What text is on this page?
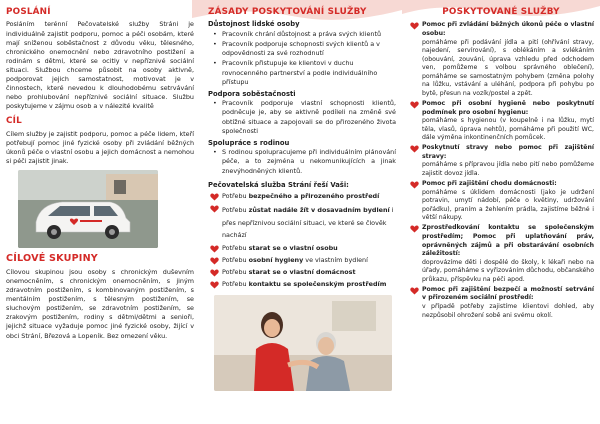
POSLÁNÍ

Posláním terénní Pečovatelské služby Stráni je individuálně zajistit podporu, pomoc a péči osobám, které mají sníženou soběstačnost z důvodu věku, tělesného, chronického onemocnění nebo zdravotního postižení a rodinám s dětmi, které se ocitly v nepříznivé sociální situaci. Službou chceme působit na osoby aktivně, podporovat jejich samostatnost, motivovat je v činnostech, které nevedou k dlouhodobému setrvávání nebo prohlubování nepříznivé sociální situace. Službu poskytujeme v zájmu osob a v nálezité kvalitě

CÍL

Cílem služby je zajistit podporu, pomoc a péče lidem, kteří potřebují pomoc jiné fyzické osoby při zvládání běžných úkonů péče o vlastní osobu a jejich domácnost a nemohou si péči zajistit jinak.

CÍLOVÉ SKUPINY

Cílovou skupinou jsou osoby s chronickým duševním onemocněním, s chronickým onemocněním, s jiným zdravotním postižením, s kombinovaným postižením, s mentálním postižením, s tělesným postižením, se sluchovým postižením, se zdravotním postižením, se zrakovým postižením, rodiny s dětmi/dětmi a senioři, jejichž situace vyžaduje pomoc jiné fyzické osoby, žijící v obci Strání, Březová a Lopeník. Bez omezení věku.

ZÁSADY POSKYTOVÁNÍ SLUŽBY
Důstojnost lidské osoby
• Pracovník chrání důstojnost a práva svých klientů
• Pracovník podporuje schopnosti svých klientů a v odpovědnosti za své rozhodnutí
• Pracovník přistupuje ke klientovi v duchu rovnocenného partnerství a podle individuálního přístupu
Podpora soběstačnosti
• Pracovník podporuje vlastní schopnosti klientů, podněcuje je, aby se aktivně podíleli na změně své obtížné situace a zapojovali se do přirozeného života společnosti
Spolupráce s rodinou
• S rodinou spolupracujeme při individuálním plánování péče, a to zejména u nekomunikujících a jinak znevýhodněných klientů.
Pečovatelská služba Strání řeší Vaši:
Potřebu bezpečného a přirozeného prostředí
Potřebu zůstat nadále žít v dosavadním bydlení i přes nepříznivou sociální situaci, ve které se člověk nachází
Potřebu starat se o vlastní osobu
Potřebu osobní hygieny ve vlastním bydlení
Potřebu starat se o vlastní domácnost
Potřebu kontaktu se společenským prostředím
POSKYTOVANÉ SLUŽBY
Pomoc při zvládání běžných úkonů péče o vlastní osobu:
pomáháme při podávání jídla a pití (ohřívání stravy, najedení, servírování), s oblékáním a svlékáním (obouvání, zouvání, úprava vzhledu před odchodem ven, pomůžeme s volbou správného oblečení), pomáháme se samostatným pohybem (změna polohy na lůžku, vstávání a uléhání, podpora při pohybu po bytě, přesun na vozík/postel a zpět.
Pomoc při osobní hygieně nebo poskytnutí podmínek pro osobní hygienu:
pomáháme s hygienou (v koupelně i na lůžku, mytí těla, vlasů, úprava nehtů), pomáháme při použití WC, dále výměna inkontinenčních pomůcek.
Poskytnutí stravy nebo pomoc při zajištění stravy:
pomáháme s přípravou jídla nebo pití nebo pomůžeme zajistit dovoz jídla.
Pomoc při zajištění chodu domácnosti:
pomáháme s úklidem domácnosti (jako je udržení potravin, umytí nádobí, péče o květiny, udržování pořádku), praním a žehlením prádla, zajistíme běžné i větší nákupy.
Zprostředkování kontaktu se společenským prostředím; Pomoc při uplatňování práv, oprávněných zájmů a při obstarávání osobních záležitostí:
doprovázíme děti i dospělé do školy, k lékaři nebo na úřady, pomáháme s vyřizováním důchodu, občanského průkazu, příspěvku na péči apod.
Pomoc při zajištění bezpečí a možností setrvání v přirozeném sociální prostředí:
v případě potřeby zajistíme klientovi dohled, aby nezpůsobil ohrožení sobě ani svému okolí.
